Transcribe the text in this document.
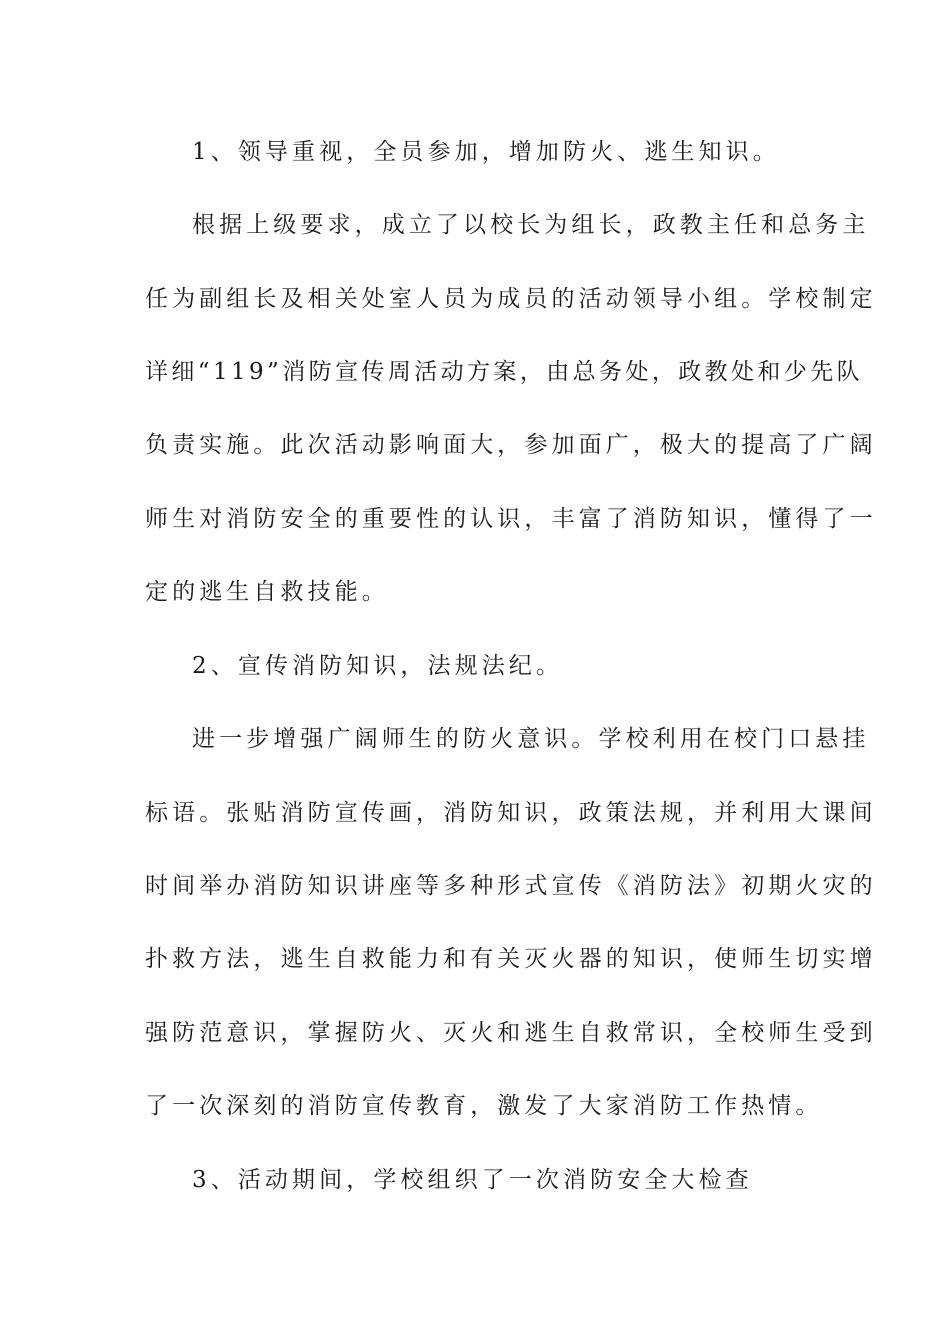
1、领导重视，全员参加，增加防火、逃生知识。
根据上级要求，成立了以校长为组长，政教主任和总务主
任为副组长及相关处室人员为成员的活动领导小组。学校制定
详细“119”消防宣传周活动方案，由总务处，政教处和少先队
负责实施。此次活动影响面大，参加面广，极大的提高了广阔
师生对消防安全的重要性的认识，丰富了消防知识，懂得了一
定的逃生自救技能。
2、宣传消防知识，法规法纪。
进一步增强广阔师生的防火意识。学校利用在校门口悬挂
标语。张贴消防宣传画，消防知识，政策法规，并利用大课间
时间举办消防知识讲座等多种形式宣传《消防法》初期火灾的
扑救方法，逃生自救能力和有关灭火器的知识，使师生切实增
强防范意识，掌握防火、灭火和逃生自救常识，全校师生受到
了一次深刻的消防宣传教育，激发了大家消防工作热情。
3、活动期间，学校组织了一次消防安全大检查
